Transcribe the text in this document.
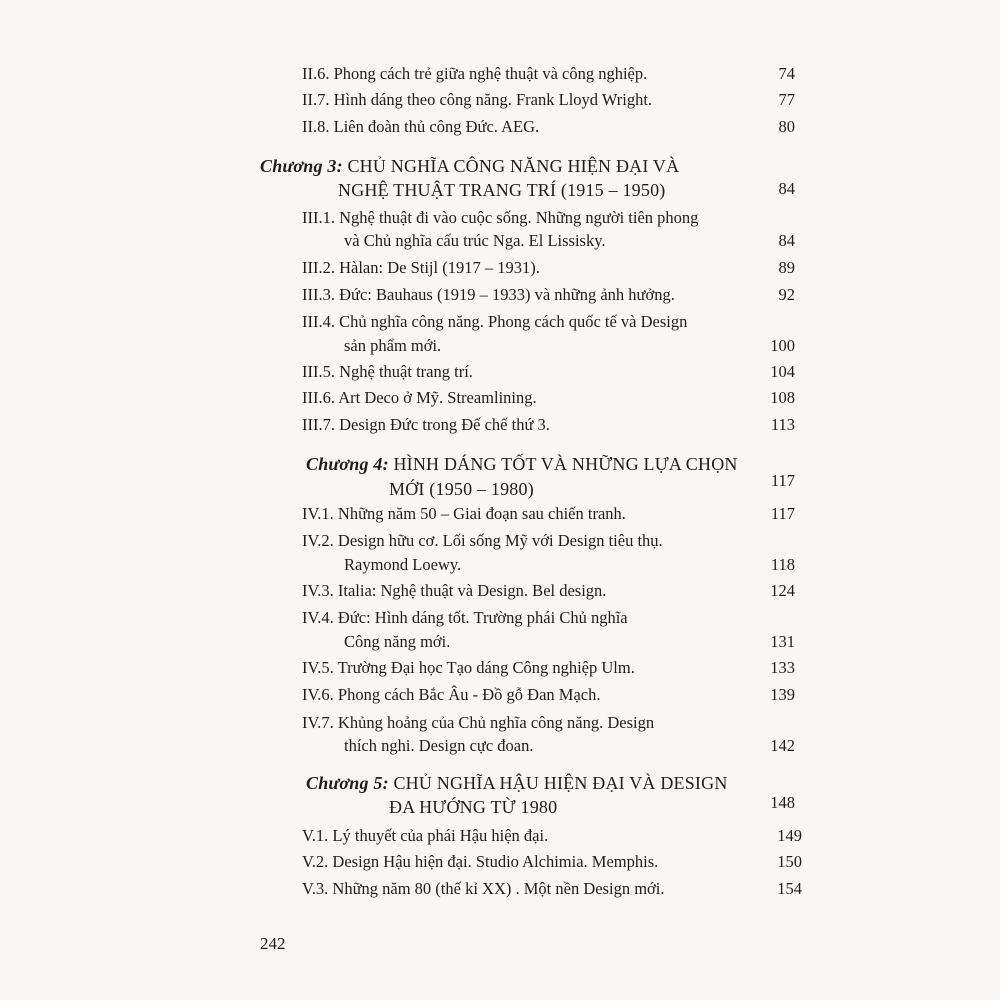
II.6. Phong cách trẻ giữa nghệ thuật và công nghiệp.	74
II.7. Hình dáng theo công năng. Frank Lloyd Wright.	77
II.8. Liên đoàn thủ công Đức. AEG.	80
Chương 3: CHỦ NGHĨA CÔNG NĂNG HIỆN ĐẠI VÀ
NGHỆ THUẬT TRANG TRÍ (1915 – 1950)	84
III.1. Nghệ thuật đi vào cuộc sống. Những người tiên phong
và Chủ nghĩa cấu trúc Nga. El Lissisky.	84
III.2. Hàlan: De Stijl (1917 – 1931).	89
III.3. Đức: Bauhaus (1919 – 1933) và những ảnh hưởng.	92
III.4. Chủ nghĩa công năng. Phong cách quốc tế và Design
sản phẩm mới.	100
III.5. Nghệ thuật trang trí.	104
III.6. Art Deco ở Mỹ. Streamlining.	108
III.7. Design Đức trong Đế chế thứ 3.	113
Chương 4: HÌNH DÁNG TỐT VÀ NHỮNG LỰA CHỌN
MỚI (1950 – 1980)	117
IV.1. Những năm 50 – Giai đoạn sau chiến tranh.	117
IV.2. Design hữu cơ. Lối sống Mỹ với Design tiêu thụ.
Raymond Loewy.	118
IV.3. Italia: Nghệ thuật và Design. Bel design.	124
IV.4. Đức: Hình dáng tốt. Trường phái Chủ nghĩa
Công năng mới.	131
IV.5. Trường Đại học Tạo dáng Công nghiệp Ulm.	133
IV.6. Phong cách Bắc Âu - Đồ gỗ Đan Mạch.	139
IV.7. Khủng hoảng của Chủ nghĩa công năng. Design
thích nghi. Design cực đoan.	142
Chương 5: CHỦ NGHĨA HẬU HIỆN ĐẠI VÀ DESIGN
ĐA HƯỚNG TỪ 1980	148
V.1. Lý thuyết của phái Hậu hiện đại.	149
V.2. Design Hậu hiện đại. Studio Alchimia. Memphis.	150
V.3. Những năm 80 (thế kỉ XX) . Một nền Design mới.	154
242
